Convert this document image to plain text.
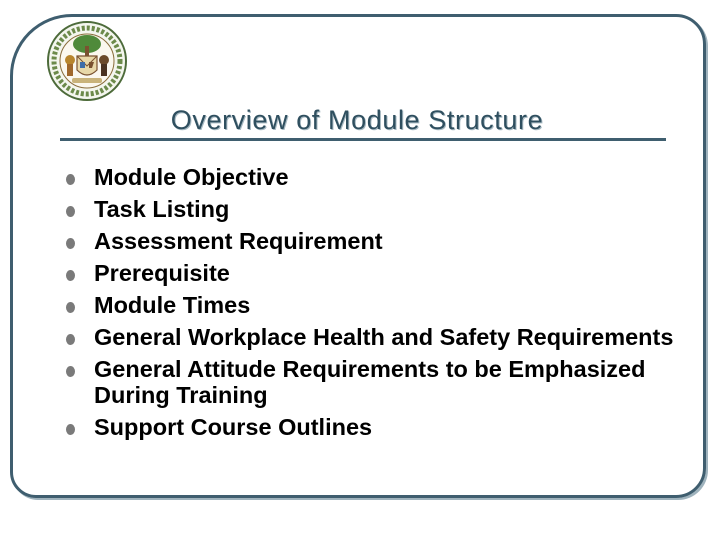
Overview of Module Structure
Module Objective
Task Listing
Assessment Requirement
Prerequisite
Module Times
General Workplace Health and Safety Requirements
General Attitude Requirements to be Emphasized During Training
Support Course Outlines
